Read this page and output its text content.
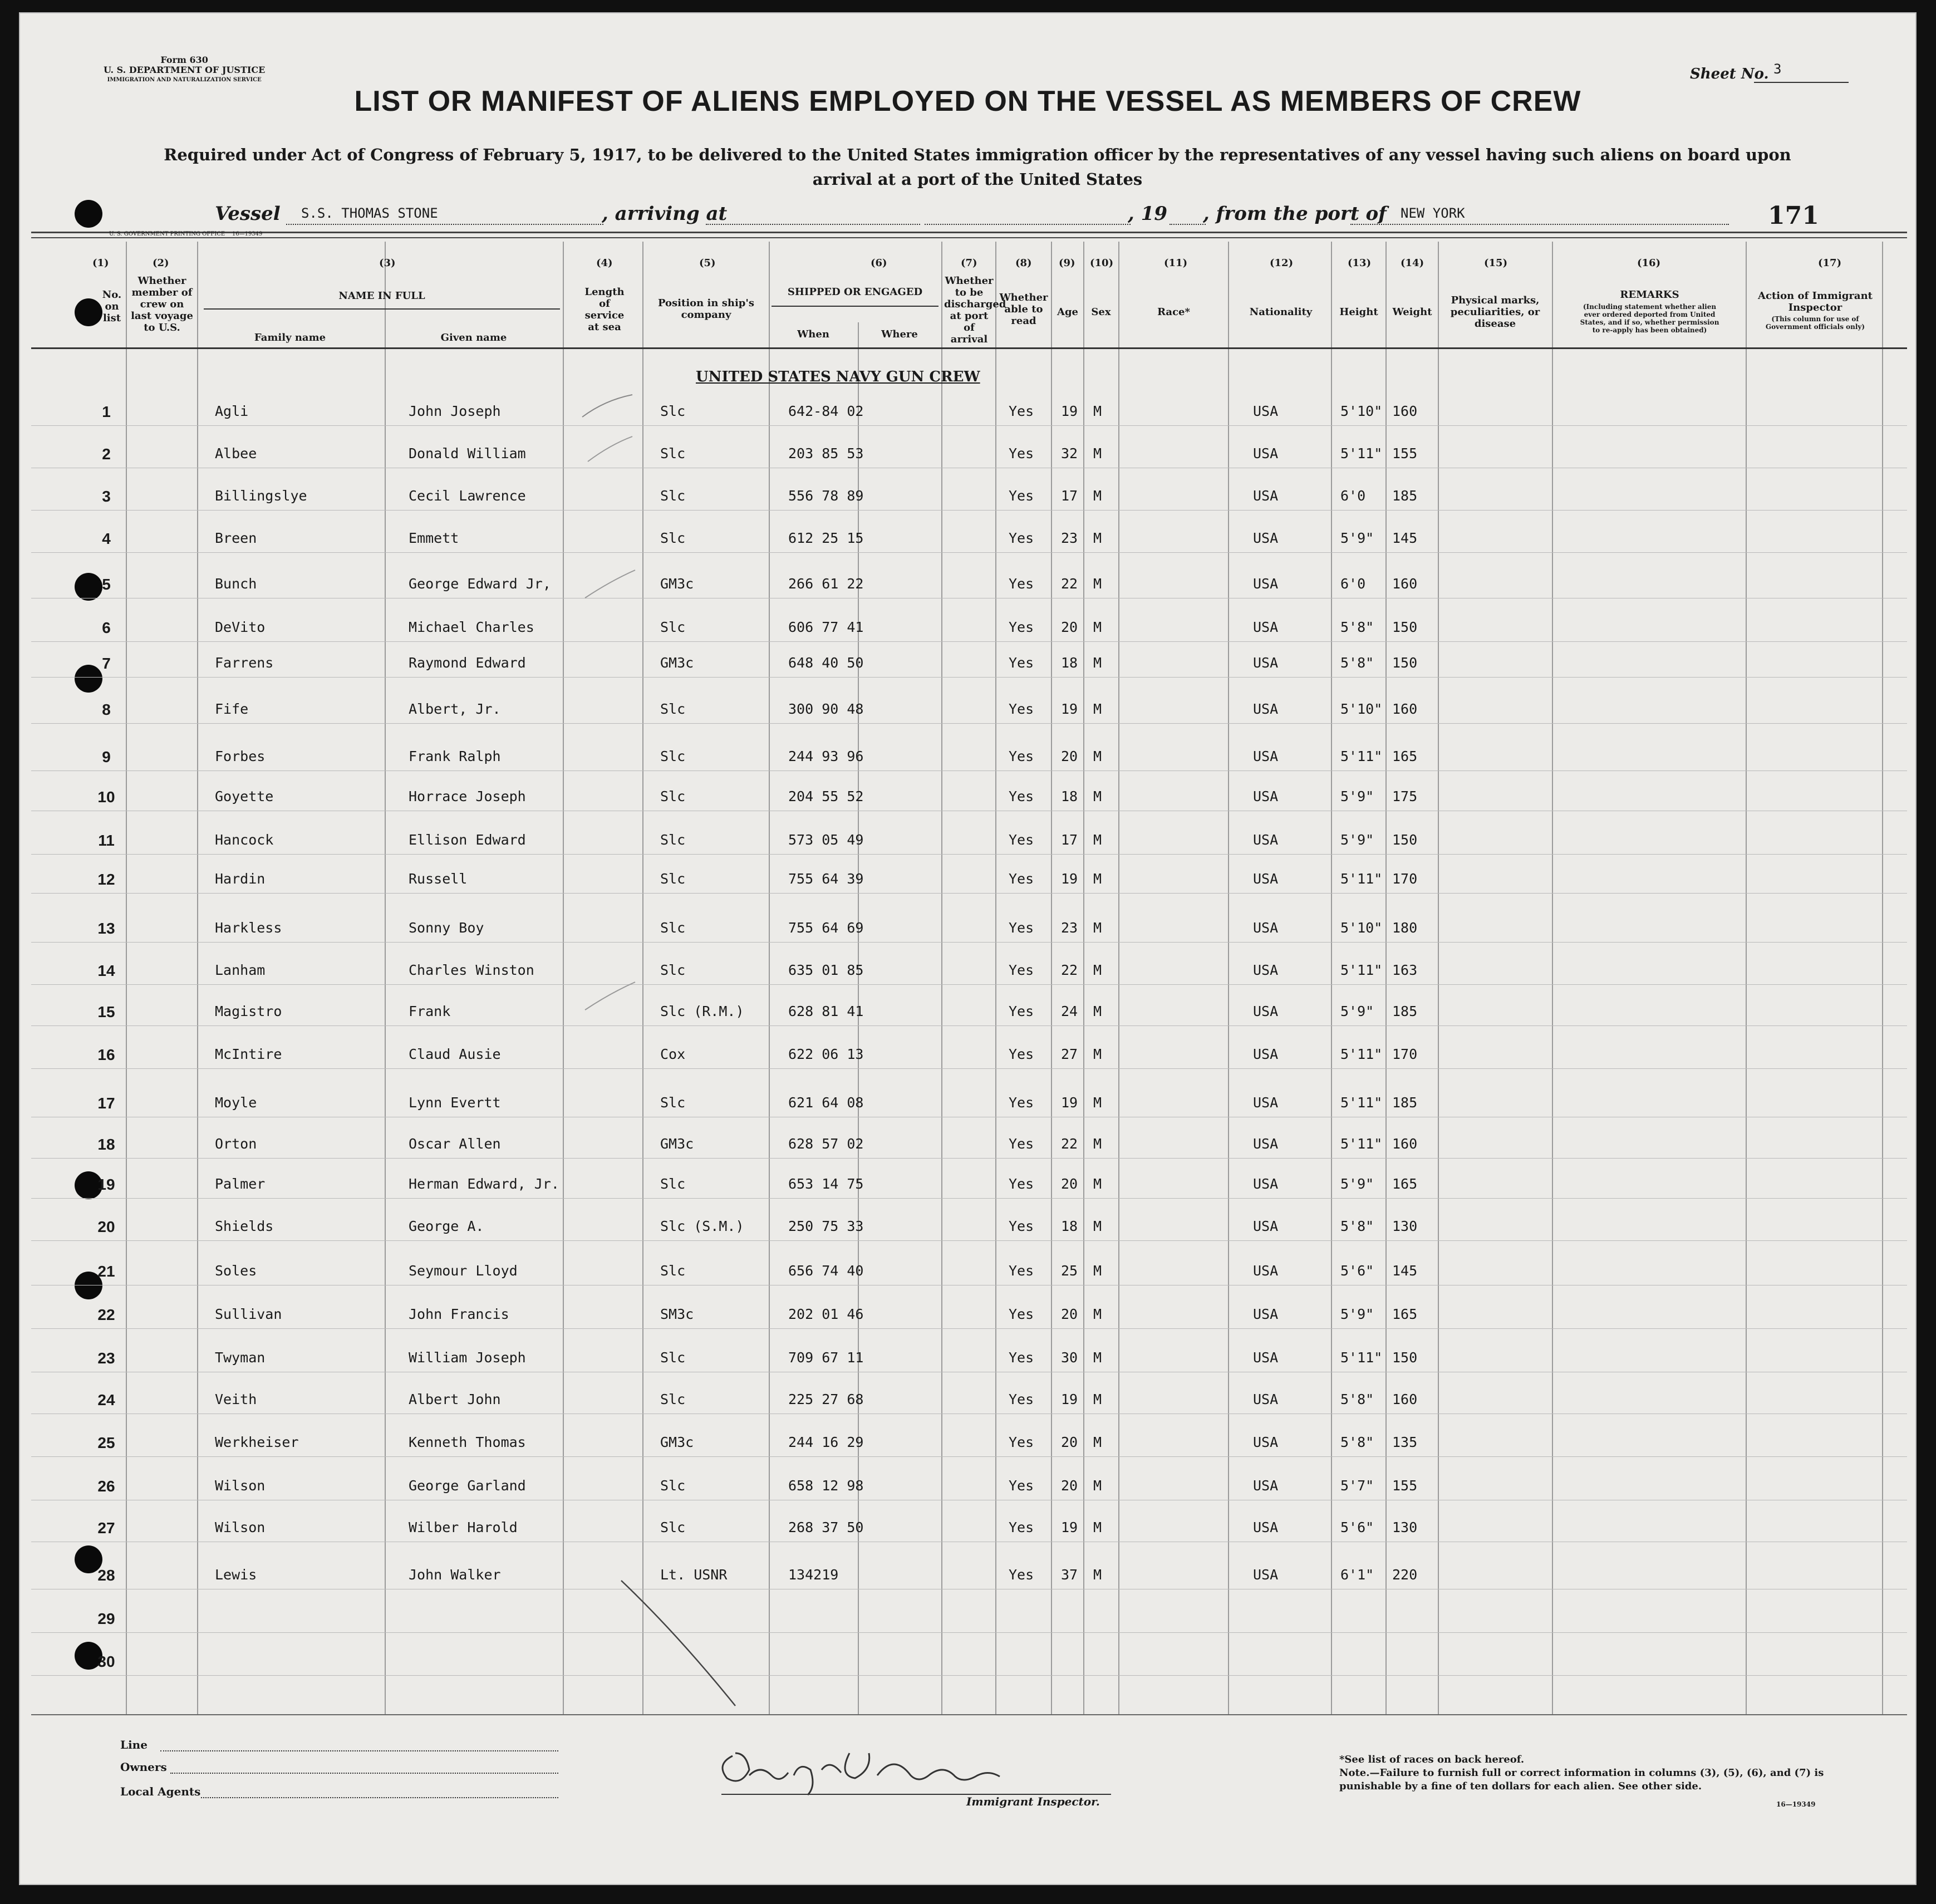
Form 630
U. S. DEPARTMENT OF JUSTICE
IMMIGRATION AND NATURALIZATION SERVICE	Sheet No. 3
LIST OR MANIFEST OF ALIENS EMPLOYED ON THE VESSEL AS MEMBERS OF CREW
Required under Act of Congress of February 5, 1917, to be delivered to the United States immigration officer by the representatives of any vessel having such aliens on board upon arrival at a port of the United States
Vessel S.S. THOMAS STONE	, arriving at	, 19 , from the port of NEW YORK	171
U. S. GOVERNMENT PRINTING OFFICE 16—19349
(1)	(2)	(3)	(4)	(5)	(6)	(7)	(8)	(9) (10)	(11)	(12)	(13)	(14)	(15)	(16)	(17)
No. on list
Whether member of crew on last voyage to U.S.
NAME IN FULL
Family name	Given name
Length of service at sea
Position in ship's company
SHIPPED OR ENGAGED
When	Where
Whether to be discharged at port of arrival
Whether able to read
Age	Sex	Race*	Nationality	Height	Weight
Physical marks, peculiarities, or disease
REMARKS
(Including statement whether alien ever ordered deported from United States, and if so, whether permission to re-apply has been obtained)
Action of Immigrant Inspector
(This column for use of Government officials only)
UNITED STATES NAVY GUN CREW
1	Agli	John Joseph	Slc	642-84 02	Yes 19 M	USA	5'10" 160
2	Albee	Donald William	Slc	203 85 53	Yes 32 M	USA	5'11" 155
3	Billingslye	Cecil Lawrence	Slc	556 78 89	Yes 17 M	USA	6'0 185
4	Breen	Emmett	Slc	612 25 15	Yes 23 M	USA	5'9" 145
5	Bunch	George Edward Jr,	GM3c	266 61 22	Yes 22 M	USA	6'0 160
6	DeVito	Michael Charles	Slc	606 77 41	Yes 20 M	USA	5'8" 150
7	Farrens	Raymond Edward	GM3c	648 40 50	Yes 18 M	USA	5'8" 150
8	Fife	Albert, Jr.	Slc	300 90 48	Yes 19 M	USA	5'10" 160
9	Forbes	Frank Ralph	Slc	244 93 96	Yes 20 M	USA	5'11" 165
10	Goyette	Horrace Joseph	Slc	204 55 52	Yes 18 M	USA	5'9" 175
11	Hancock	Ellison Edward	Slc	573 05 49	Yes 17 M	USA	5'9" 150
12	Hardin	Russell	Slc	755 64 39	Yes 19 M	USA	5'11" 170
13	Harkless	Sonny Boy	Slc	755 64 69	Yes 23 M	USA	5'10" 180
14	Lanham	Charles Winston	Slc	635 01 85	Yes 22 M	USA	5'11" 163
15	Magistro	Frank	Slc (R.M.)	628 81 41	Yes 24 M	USA	5'9" 185
16	McIntire	Claud Ausie	Cox	622 06 13	Yes 27 M	USA	5'11" 170
17	Moyle	Lynn Evertt	Slc	621 64 08	Yes 19 M	USA	5'11" 185
18	Orton	Oscar Allen	GM3c	628 57 02	Yes 22 M	USA	5'11" 160
19	Palmer	Herman Edward, Jr.	Slc	653 14 75	Yes 20 M	USA	5'9" 165
20	Shields	George A.	Slc (S.M.)	250 75 33	Yes 18 M	USA	5'8" 130
21	Soles	Seymour Lloyd	Slc	656 74 40	Yes 25 M	USA	5'6" 145
22	Sullivan	John Francis	SM3c	202 01 46	Yes 20 M	USA	5'9" 165
23	Twyman	William Joseph	Slc	709 67 11	Yes 30 M	USA	5'11" 150
24	Veith	Albert John	Slc	225 27 68	Yes 19 M	USA	5'8" 160
25	Werkheiser	Kenneth Thomas	GM3c	244 16 29	Yes 20 M	USA	5'8" 135
26	Wilson	George Garland	Slc	658 12 98	Yes 20 M	USA	5'7" 155
27	Wilson	Wilber Harold	Slc	268 37 50	Yes 19 M	USA	5'6" 130
28	Lewis	John Walker	Lt. USNR	134219	Yes 37 M	USA	6'1" 220
29
30
Line
Owners
Local Agents
Immigrant Inspector.
*See list of races on back hereof.
Note.—Failure to furnish full or correct information in columns (3), (5), (6), and (7) is punishable by a fine of ten dollars for each alien. See other side.
16—19349
